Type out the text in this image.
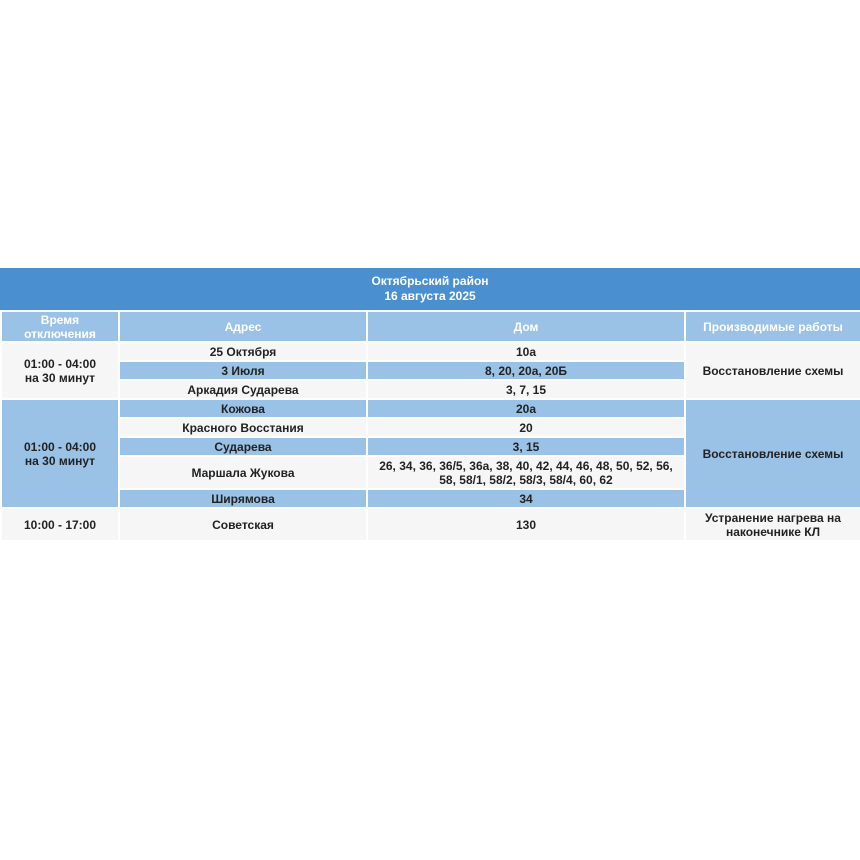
Октябрьский район
16 августа 2025
Время отключения	Адрес	Дом	Производимые работы

01:00 - 04:00
на 30 минут	25 Октября	10а	Восстановление схемы
	3 Июля	8, 20, 20а, 20Б	
	Аркадия Сударева	3, 7, 15	

01:00 - 04:00
на 30 минут	Кожова	20а	Восстановление схемы
	Красного Восстания	20	
	Сударева	3, 15	
	Маршала Жукова	26, 34, 36, 36/5, 36а, 38, 40, 42, 44, 46, 48, 50, 52, 56, 58, 58/1, 58/2, 58/3, 58/4, 60, 62	
	Ширямова	34	

10:00 - 17:00	Советская	130	Устранение нагрева на наконечнике КЛ
